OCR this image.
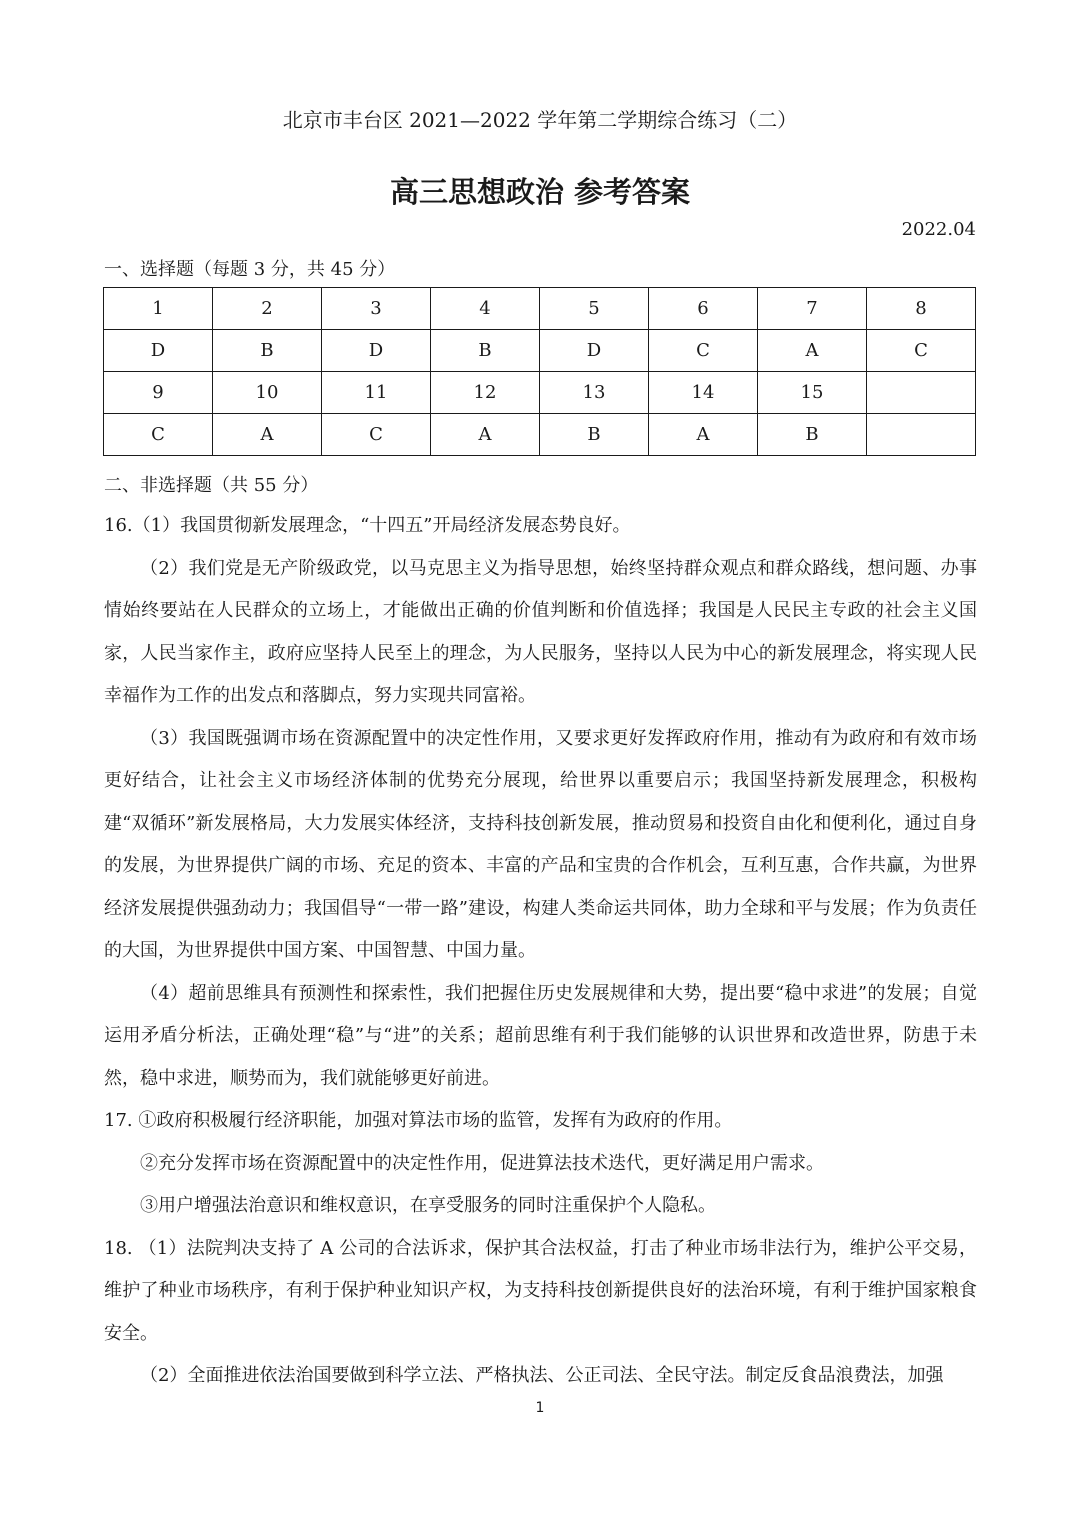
北京市丰台区 2021—2022 学年第二学期综合练习（二）
高三思想政治 参考答案
2022.04
一、选择题（每题 3 分，共 45 分）
1	2	3	4	5	6	7	8
D	B	D	B	D	C	A	C
9	10	11	12	13	14	15	
C	A	C	A	B	A	B	
二、非选择题（共 55 分）

16.（1）我国贯彻新发展理念，“十四五”开局经济发展态势良好。

（2）我们党是无产阶级政党，以马克思主义为指导思想，始终坚持群众观点和群众路线，想问题、办事情始终要站在人民群众的立场上，才能做出正确的价值判断和价值选择；我国是人民民主专政的社会主义国家，人民当家作主，政府应坚持人民至上的理念，为人民服务，坚持以人民为中心的新发展理念，将实现人民幸福作为工作的出发点和落脚点，努力实现共同富裕。

（3）我国既强调市场在资源配置中的决定性作用，又要求更好发挥政府作用，推动有为政府和有效市场更好结合，让社会主义市场经济体制的优势充分展现，给世界以重要启示；我国坚持新发展理念，积极构建“双循环”新发展格局，大力发展实体经济，支持科技创新发展，推动贸易和投资自由化和便利化，通过自身的发展，为世界提供广阔的市场、充足的资本、丰富的产品和宝贵的合作机会，互利互惠，合作共赢，为世界经济发展提供强劲动力；我国倡导“一带一路”建设，构建人类命运共同体，助力全球和平与发展；作为负责任的大国，为世界提供中国方案、中国智慧、中国力量。

（4）超前思维具有预测性和探索性，我们把握住历史发展规律和大势，提出要“稳中求进”的发展；自觉运用矛盾分析法，正确处理“稳”与“进”的关系；超前思维有利于我们能够的认识世界和改造世界，防患于未然，稳中求进，顺势而为，我们就能够更好前进。

17. ①政府积极履行经济职能，加强对算法市场的监管，发挥有为政府的作用。

②充分发挥市场在资源配置中的决定性作用，促进算法技术迭代，更好满足用户需求。

③用户增强法治意识和维权意识，在享受服务的同时注重保护个人隐私。

18. （1）法院判决支持了 A 公司的合法诉求，保护其合法权益，打击了种业市场非法行为，维护公平交易，维护了种业市场秩序，有利于保护种业知识产权，为支持科技创新提供良好的法治环境，有利于维护国家粮食安全。

（2）全面推进依法治国要做到科学立法、严格执法、公正司法、全民守法。制定反食品浪费法，加强

1
